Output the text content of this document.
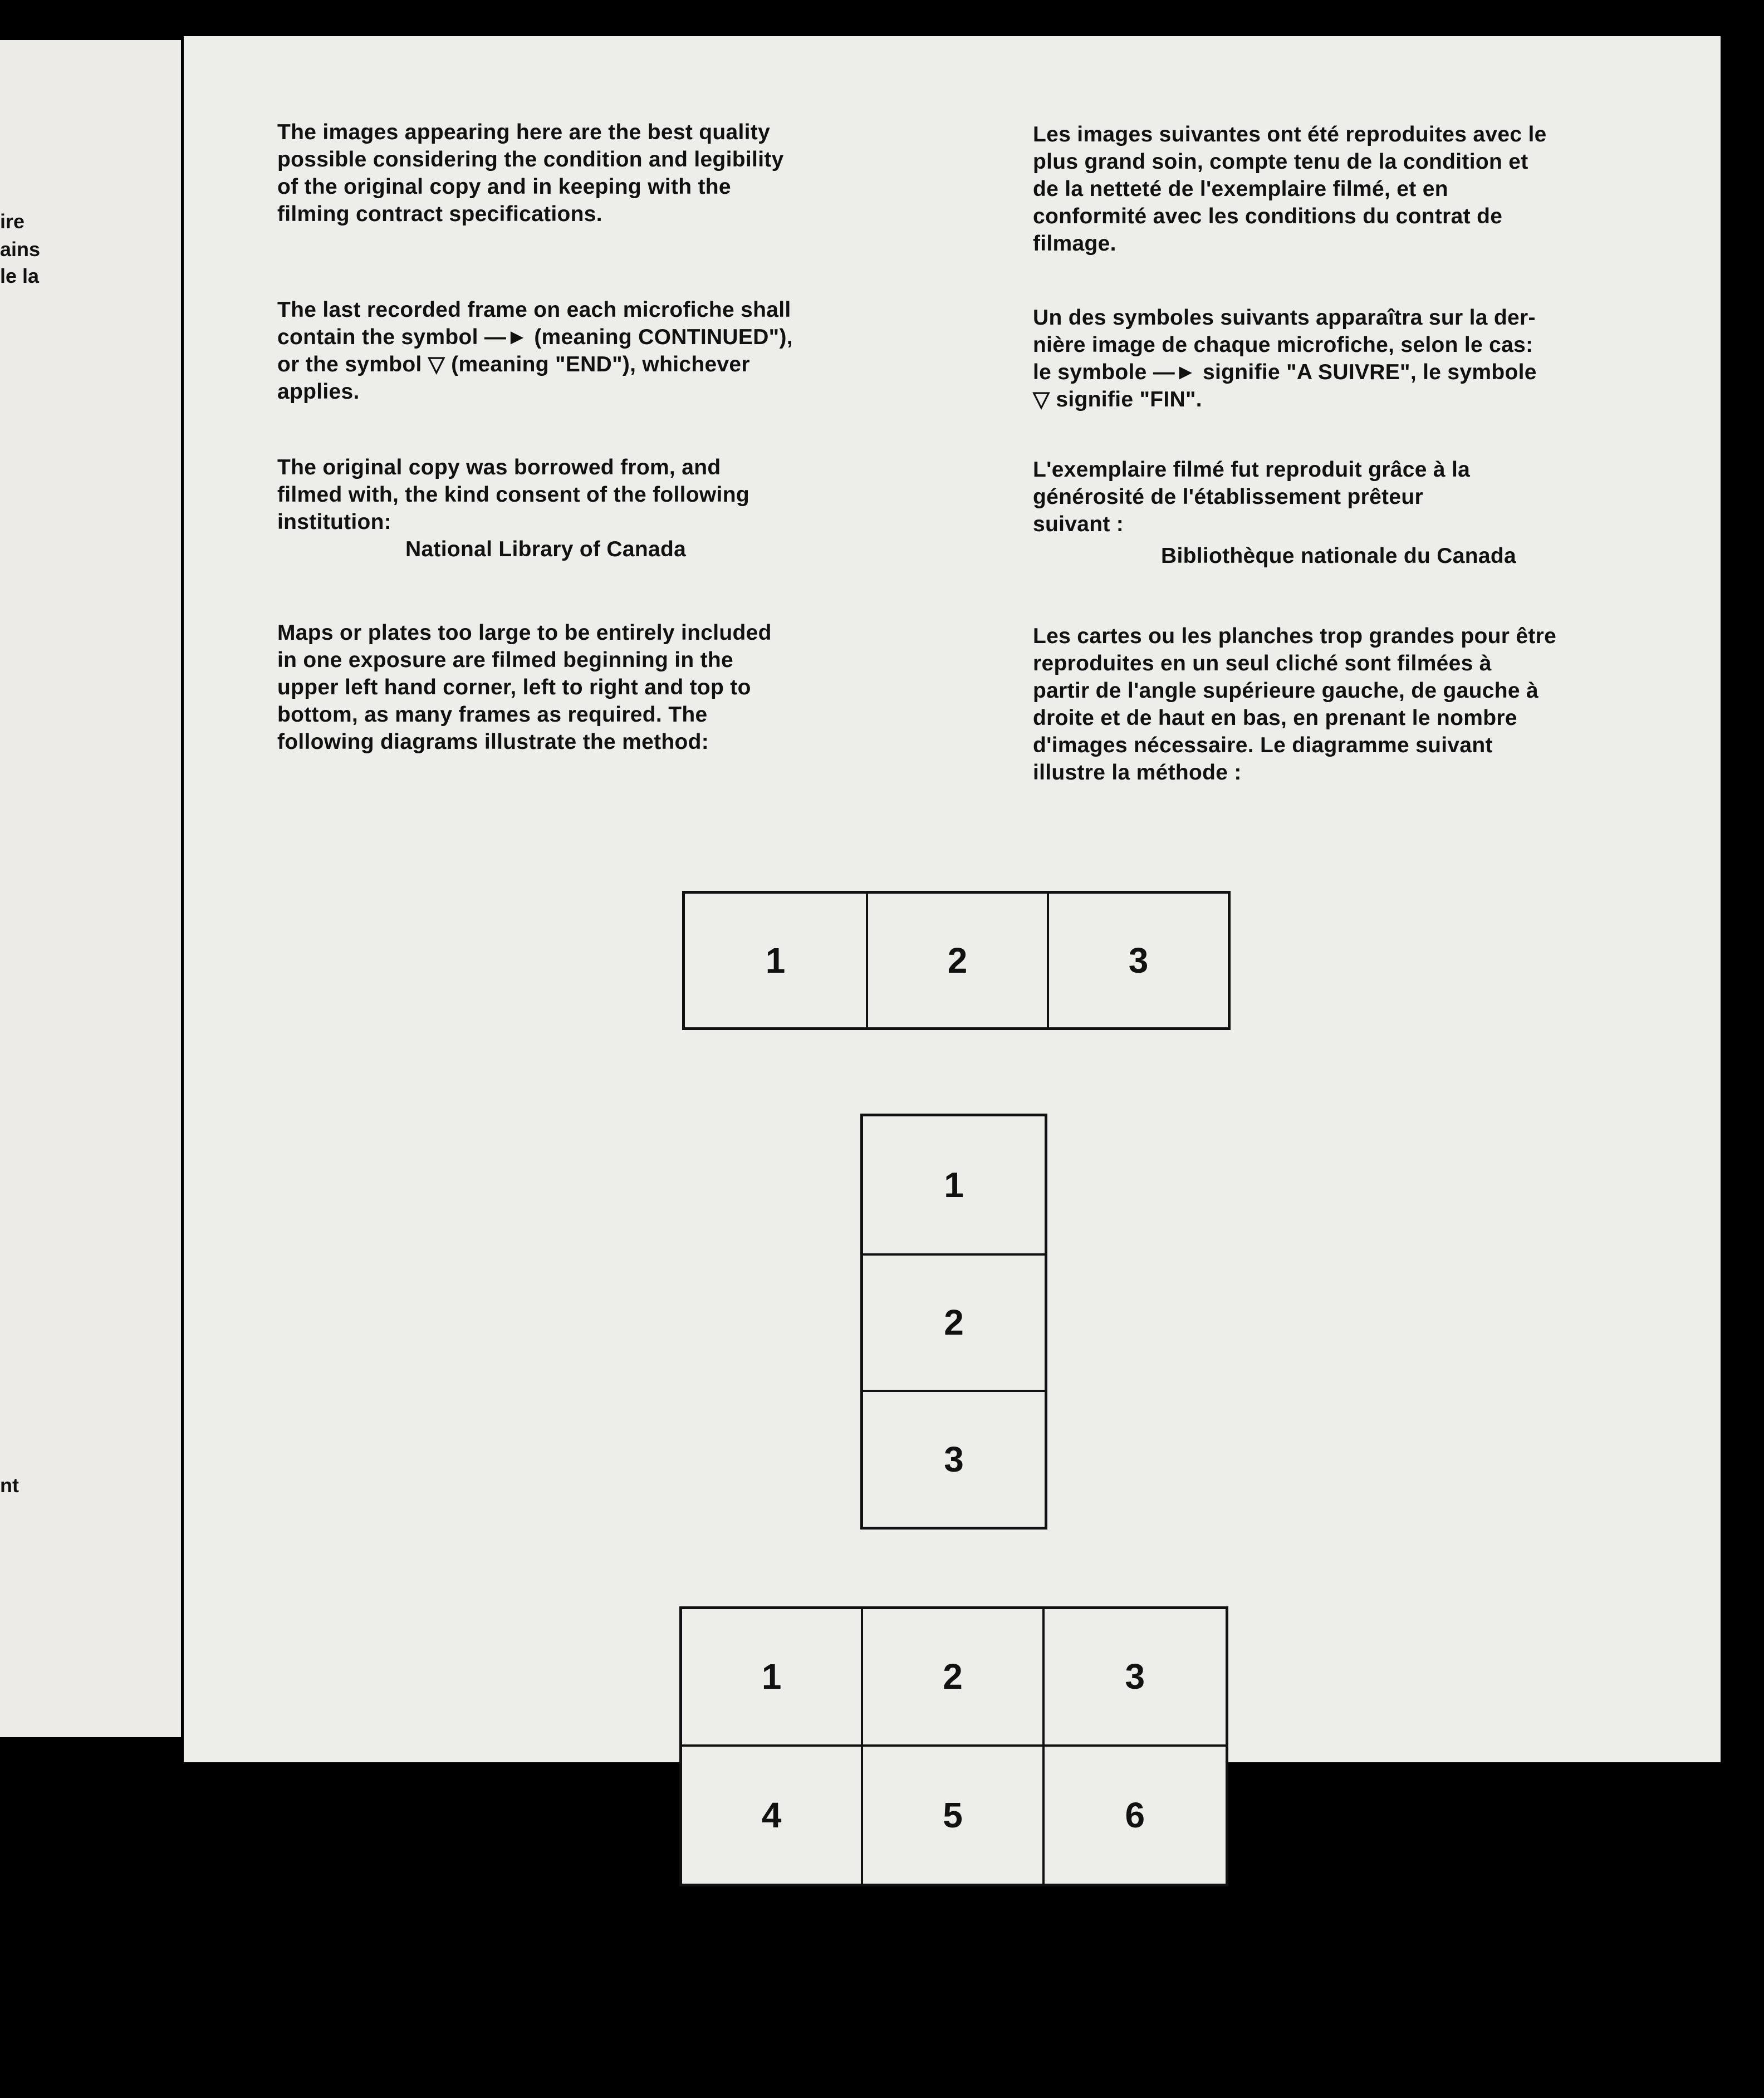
ire

ains

le la

nt

The images appearing here are the best quality

possible considering the condition and legibility

of the original copy and in keeping with the

filming contract specifications.

The last recorded frame on each microfiche shall

contain the symbol —► (meaning CONTINUED"),

or the symbol ▽ (meaning "END"), whichever

applies.

The original copy was borrowed from, and

filmed with, the kind consent of the following

institution:

National Library of Canada

Maps or plates too large to be entirely included

in one exposure are filmed beginning in the

upper left hand corner, left to right and top to

bottom, as many frames as required. The

following diagrams illustrate the method:

Les images suivantes ont été reproduites avec le

plus grand soin, compte tenu de la condition et

de la netteté de l'exemplaire filmé, et en

conformité avec les conditions du contrat de

filmage.

Un des symboles suivants apparaîtra sur la der-

nière image de chaque microfiche, selon le cas:

le symbole —► signifie "A SUIVRE", le symbole

▽ signifie "FIN".

L'exemplaire filmé fut reproduit grâce à la

générosité de l'établissement prêteur

suivant :

Bibliothèque nationale du Canada

Les cartes ou les planches trop grandes pour être

reproduites en un seul cliché sont filmées à

partir de l'angle supérieure gauche, de gauche à

droite et de haut en bas, en prenant le nombre

d'images nécessaire. Le diagramme suivant

illustre la méthode :

1	2	3
1
2
3
1	2	3
4	5	6
